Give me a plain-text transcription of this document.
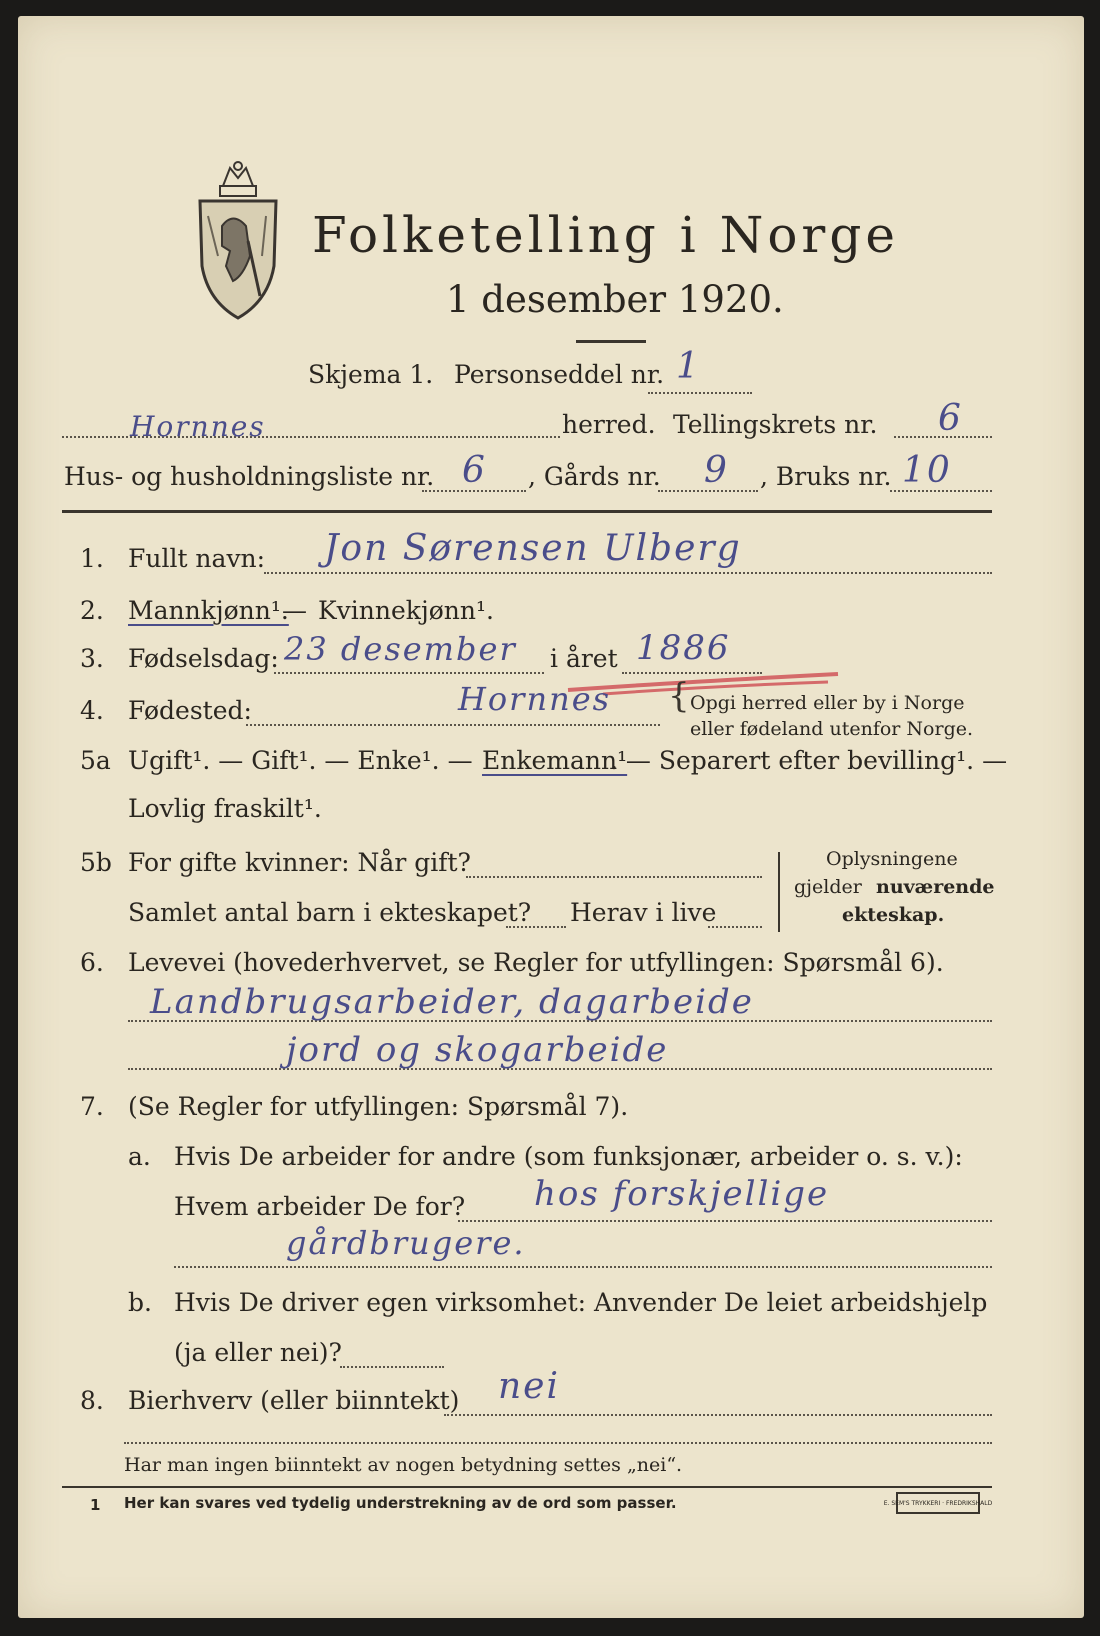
Folketelling i Norge
1 desember 1920.
Skjema 1. Personseddel nr. 1
Hornnes	herred. Tellingskrets nr. 6
Hus- og husholdningsliste nr. 6 , Gårds nr. 9 , Bruks nr. 10
1. Fullt navn: Jon Sørensen Ulberg
2. Mannkjønn¹.
— Kvinnekjønn¹.
3. Fødselsdag: 23 desember i året 1886
4. Fødested:	Hornnes { Opgi herred eller by i Norge
eller fødeland utenfor Norge.
5a Ugift¹. — Gift¹. — Enke¹. — Enkemann¹
. — Separert efter bevilling¹. —
Lovlig fraskilt¹.
5b For gifte kvinner: Når gift?
Samlet antal barn i ekteskapet? Herav i live
Oplysningene
gjelder nuværende
ekteskap.
6. Levevei (hovederhvervet, se Regler for utfyllingen: Spørsmål 6).
Landbrugsarbeider, dagarbeide
jord og skogarbeide
7. (Se Regler for utfyllingen: Spørsmål 7).
a. Hvis De arbeider for andre (som funksjonær, arbeider o. s. v.):
Hvem arbeider De for? hos forskjellige
gårdbrugere.
b. Hvis De driver egen virksomhet: Anvender De leiet arbeidshjelp
(ja eller nei)?
8. Bierhverv (eller biinntekt) nei
Har man ingen biinntekt av nogen betydning settes „nei“.
1 Her kan svares ved tydelig understrekning av de ord som passer.	E. SEM'S TRYKKERI · FREDRIKSHALD
